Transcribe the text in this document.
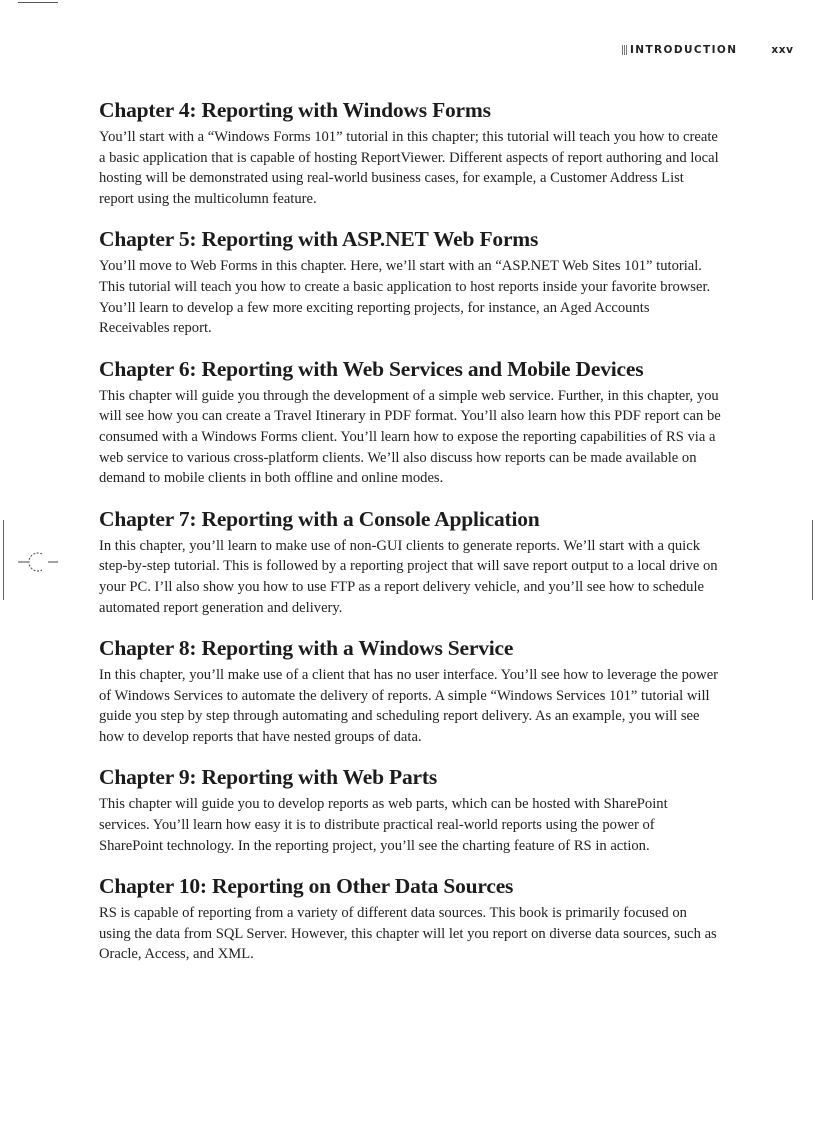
INTRODUCTION	xxv
Chapter 4: Reporting with Windows Forms

You’ll start with a “Windows Forms 101” tutorial in this chapter; this tutorial will teach you how to create a basic application that is capable of hosting ReportViewer. Different aspects of report authoring and local hosting will be demonstrated using real-world business cases, for example, a Customer Address List report using the multicolumn feature.

Chapter 5: Reporting with ASP.NET Web Forms

You’ll move to Web Forms in this chapter. Here, we’ll start with an “ASP.NET Web Sites 101” tutorial. This tutorial will teach you how to create a basic application to host reports inside your favorite browser. You’ll learn to develop a few more exciting reporting projects, for instance, an Aged Accounts Receivables report.

Chapter 6: Reporting with Web Services and Mobile Devices

This chapter will guide you through the development of a simple web service. Further, in this chapter, you will see how you can create a Travel Itinerary in PDF format. You’ll also learn how this PDF report can be consumed with a Windows Forms client. You’ll learn how to expose the reporting capabilities of RS via a web service to various cross-platform clients. We’ll also discuss how reports can be made available on demand to mobile clients in both offline and online modes.

Chapter 7: Reporting with a Console Application

In this chapter, you’ll learn to make use of non-GUI clients to generate reports. We’ll start with a quick step-by-step tutorial. This is followed by a reporting project that will save report output to a local drive on your PC. I’ll also show you how to use FTP as a report delivery vehicle, and you’ll see how to schedule automated report generation and delivery.

Chapter 8: Reporting with a Windows Service

In this chapter, you’ll make use of a client that has no user interface. You’ll see how to leverage the power of Windows Services to automate the delivery of reports. A simple “Windows Services 101” tutorial will guide you step by step through automating and scheduling report delivery. As an example, you will see how to develop reports that have nested groups of data.

Chapter 9: Reporting with Web Parts

This chapter will guide you to develop reports as web parts, which can be hosted with SharePoint services. You’ll learn how easy it is to distribute practical real-world reports using the power of SharePoint technology. In the reporting project, you’ll see the charting feature of RS in action.

Chapter 10: Reporting on Other Data Sources

RS is capable of reporting from a variety of different data sources. This book is primarily focused on using the data from SQL Server. However, this chapter will let you report on diverse data sources, such as Oracle, Access, and XML.
